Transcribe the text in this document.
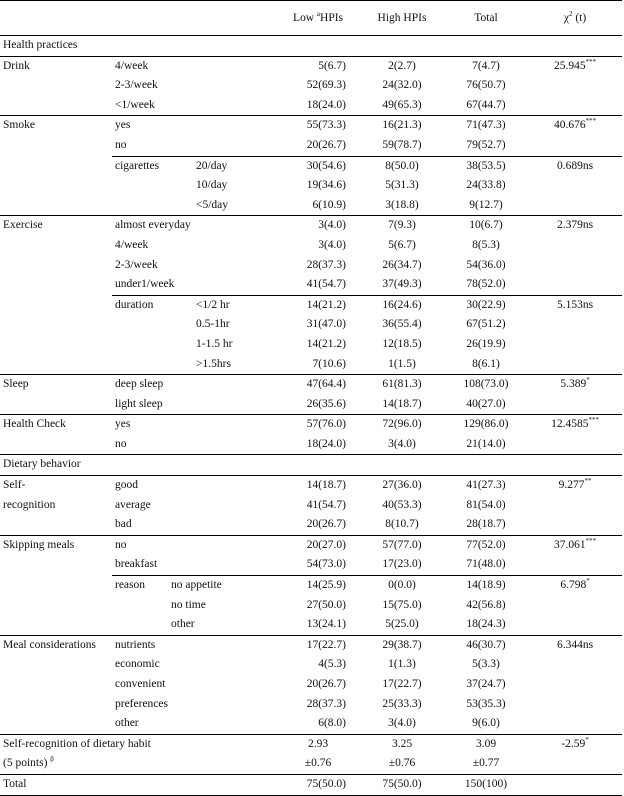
			Low $^a$HPIs	High HPIs	Total	$\chi^2$ (t)
Health practices						
Drink	4/week		5(6.7)	2(2.7)	7(4.7)	25.945***
	2-3/week		52(69.3)	24(32.0)	76(50.7)	
	<1/week		18(24.0)	49(65.3)	67(44.7)	
Smoke	yes		55(73.3)	16(21.3)	71(47.3)	40.676***
	no		20(26.7)	59(78.7)	79(52.7)	
	cigarettes	20/day	30(54.6)	8(50.0)	38(53.5)	0.689ns
		10/day	19(34.6)	5(31.3)	24(33.8)	
		<5/day	6(10.9)	3(18.8)	9(12.7)	
Exercise	almost everyday		3(4.0)	7(9.3)	10(6.7)	2.379ns
	4/week		3(4.0)	5(6.7)	8(5.3)	
	2-3/week		28(37.3)	26(34.7)	54(36.0)	
	under1/week		41(54.7)	37(49.3)	78(52.0)	
	duration	<1/2 hr	14(21.2)	16(24.6)	30(22.9)	5.153ns
		0.5-1hr	31(47.0)	36(55.4)	67(51.2)	
		1-1.5 hr	14(21.2)	12(18.5)	26(19.9)	
		>1.5hrs	7(10.6)	1(1.5)	8(6.1)	
Sleep	deep sleep		47(64.4)	61(81.3)	108(73.0)	5.389*
	light sleep		26(35.6)	14(18.7)	40(27.0)	
Health Check	yes		57(76.0)	72(96.0)	129(86.0)	12.4585***
	no		18(24.0)	3(4.0)	21(14.0)	
Dietary behavior						
Self-	good		14(18.7)	27(36.0)	41(27.3)	9.277**
recognition	average		41(54.7)	40(53.3)	81(54.0)	
	bad		20(26.7)	8(10.7)	28(18.7)	
Skipping meals	no		20(27.0)	57(77.0)	77(52.0)	37.061***
	breakfast		54(73.0)	17(23.0)	71(48.0)	
	reason	no appetite	14(25.9)	0(0.0)	14(18.9)	6.798*
		no time	27(50.0)	15(75.0)	42(56.8)	
		other	13(24.1)	5(25.0)	18(24.3)	
Meal considerations	nutrients		17(22.7)	29(38.7)	46(30.7)	6.344ns
	economic		4(5.3)	1(1.3)	5(3.3)	
	convenient		20(26.7)	17(22.7)	37(24.7)	
	preferences		28(37.3)	25(33.3)	53(35.3)	
	other		6(8.0)	3(4.0)	9(6.0)	
Self-recognition of dietary habit			2.93	3.25	3.09	-2.59*
(5 points) $^\beta$			±0.76	±0.76	±0.77	
Total			75(50.0)	75(50.0)	150(100)	
